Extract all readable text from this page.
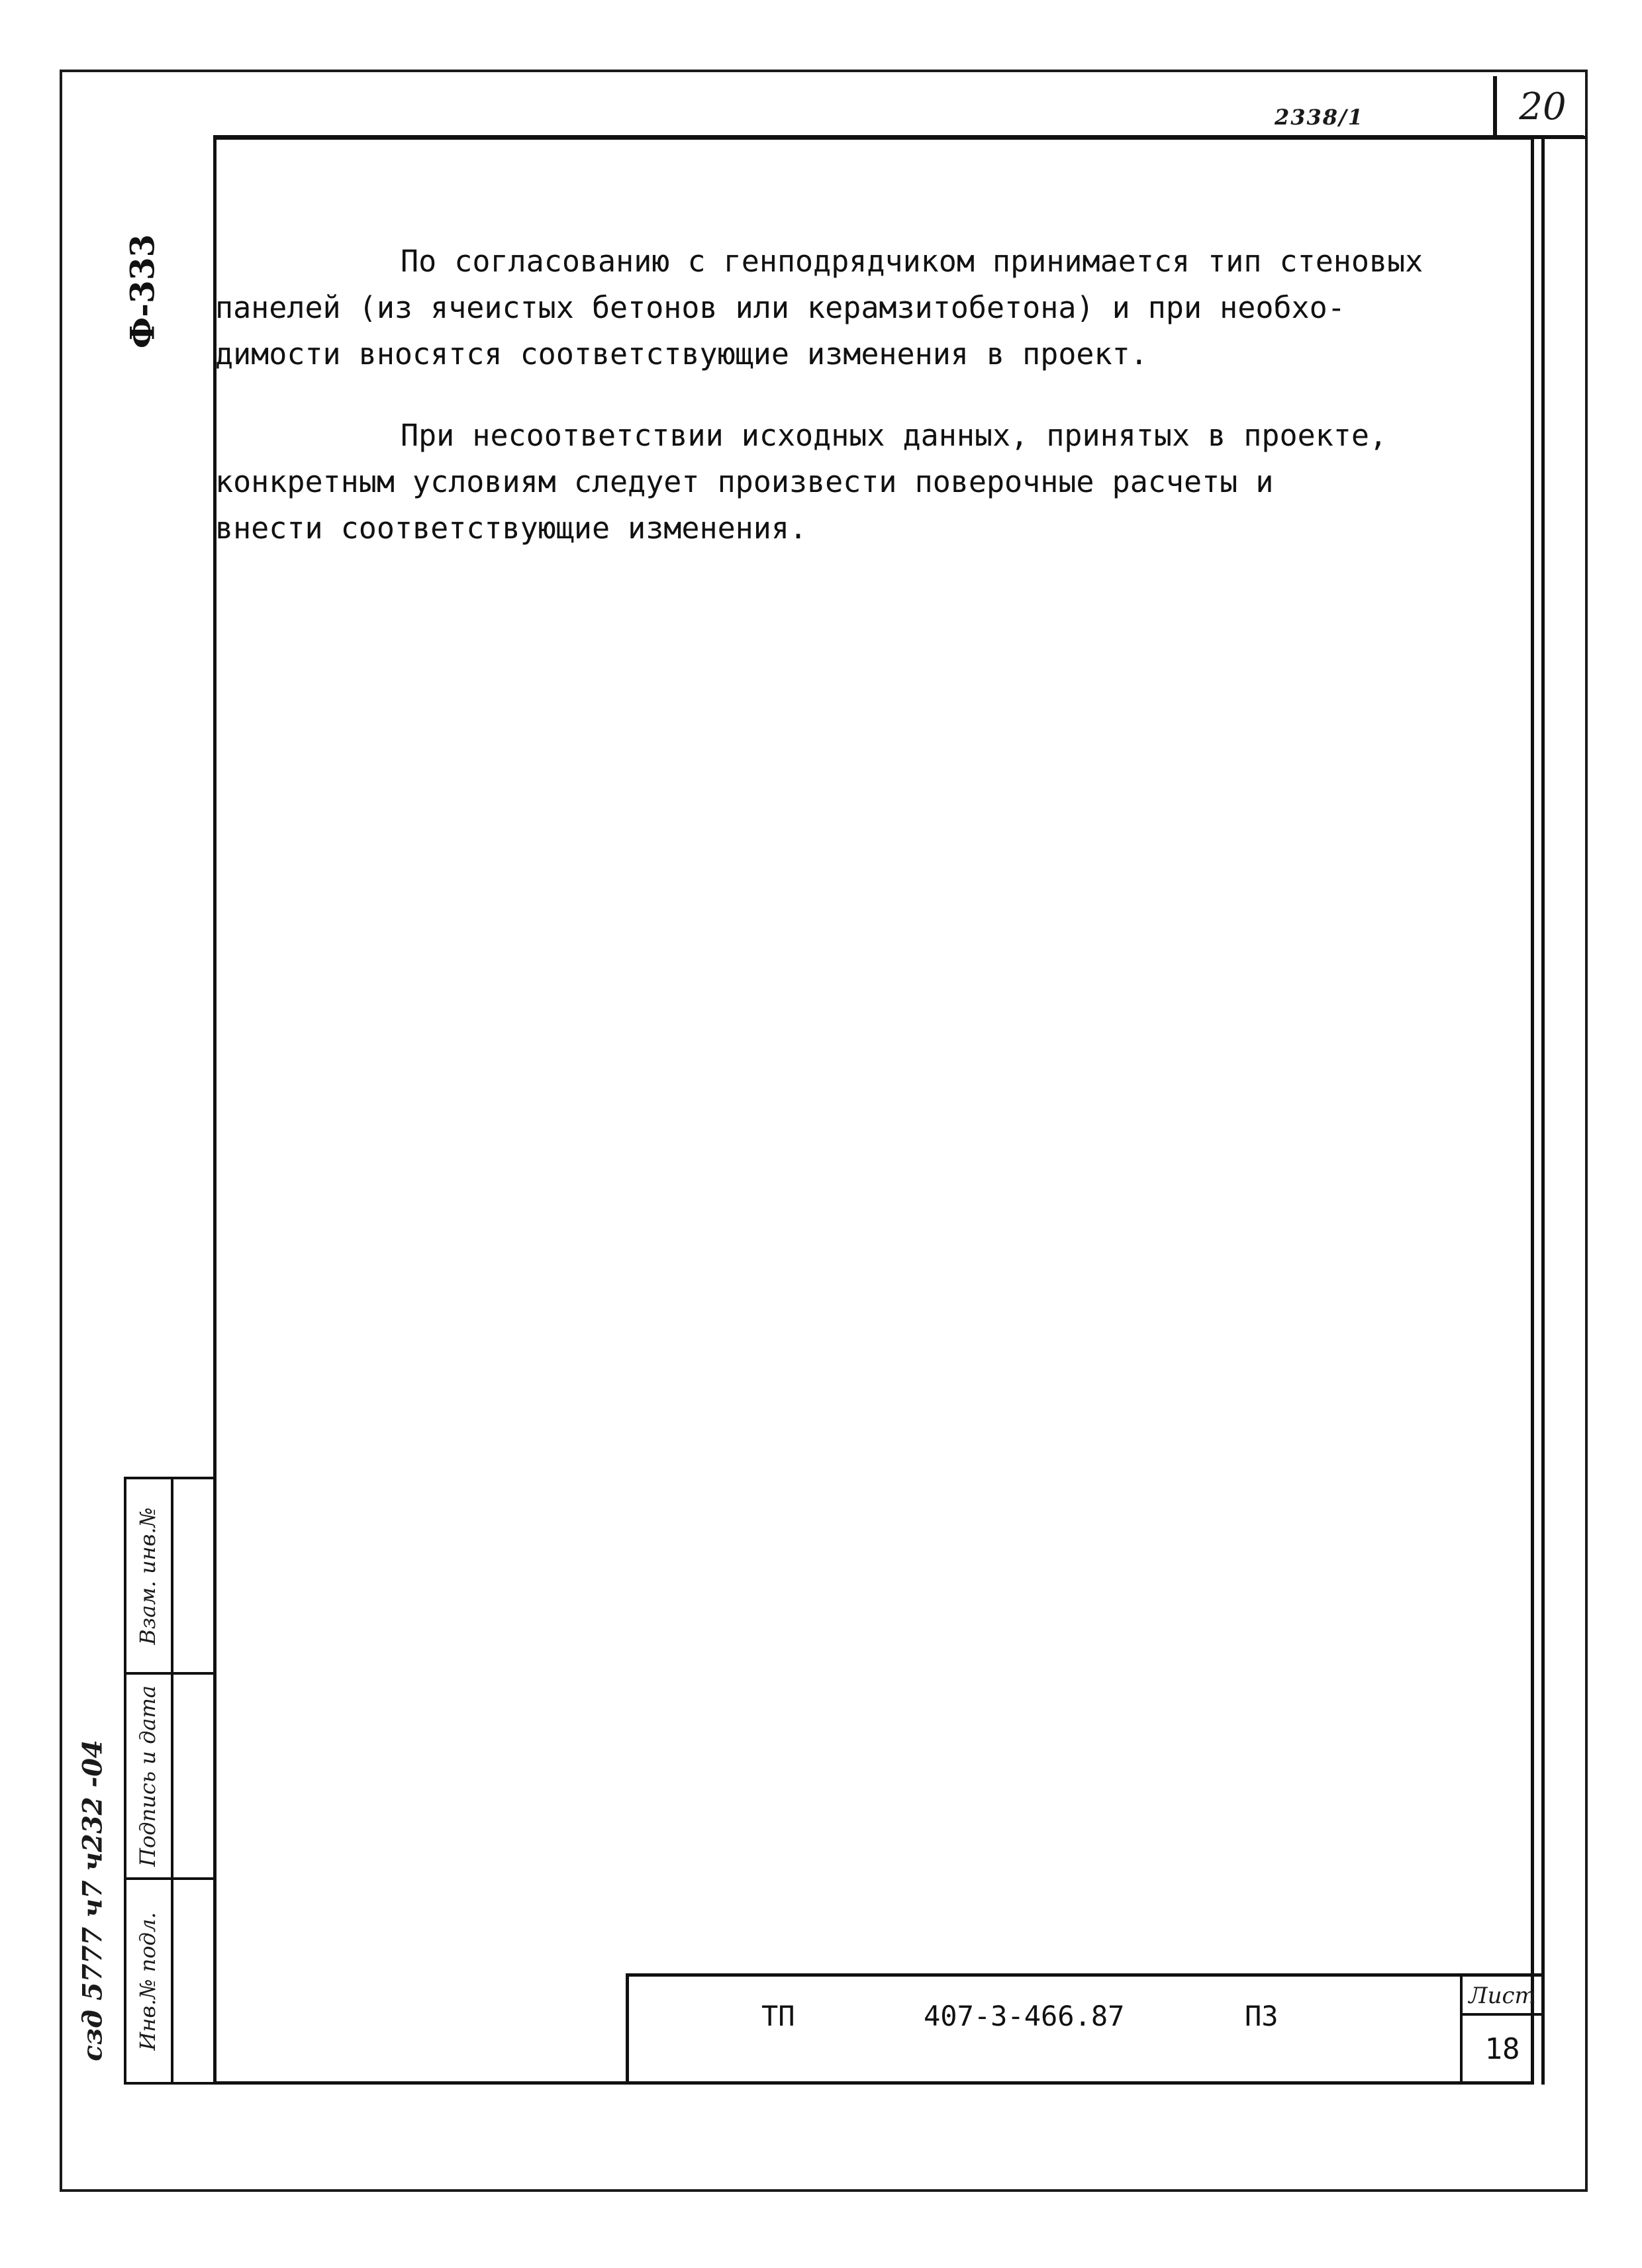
2338/1	20
Ф-333
сзд 5777 ч7 ч232 -04
Взам. инв.№
Подпись и дата
Инв.№ подл.

По согласованию с генподрядчиком принимается тип стеновых
панелей (из ячеистых бетонов или керамзитобетона) и при необхо-
димости вносятся соответствующие изменения в проект.

При несоответствии исходных данных, принятых в проекте,
конкретным условиям следует произвести поверочные расчеты и
внести соответствующие изменения.

ТП	407-3-466.87	ПЗ
Лист
18
